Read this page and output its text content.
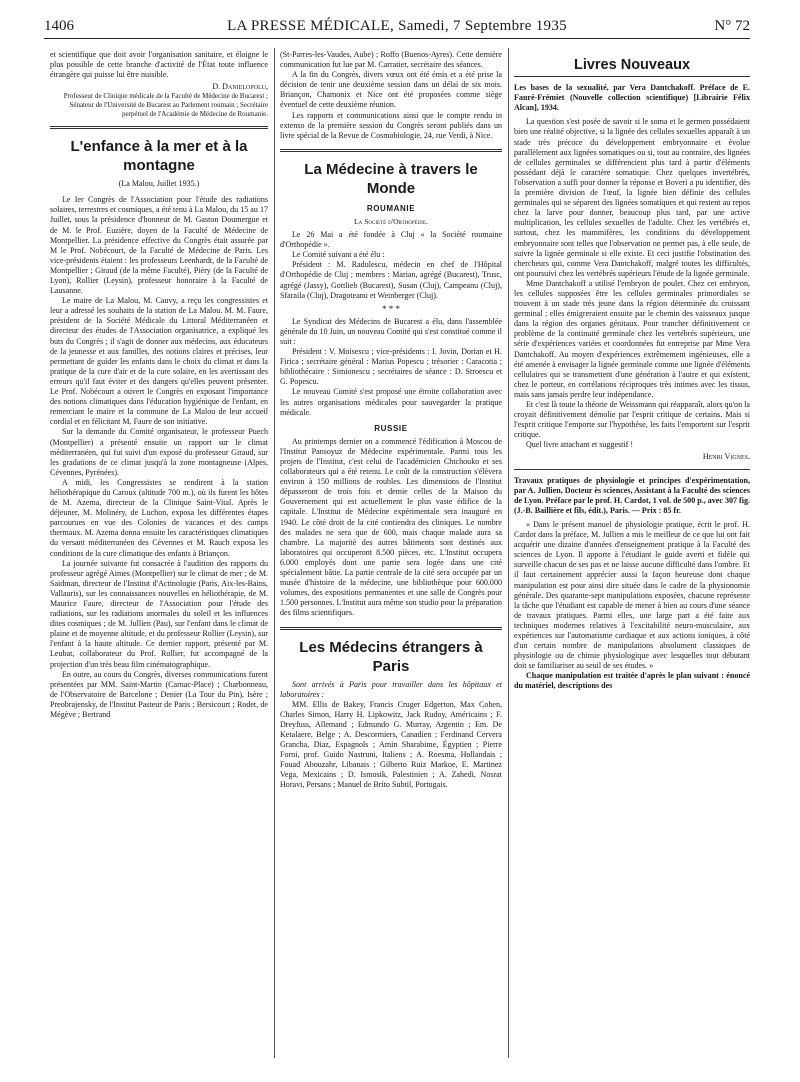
1406	LA PRESSE MÉDICALE, Samedi, 7 Septembre 1935	N° 72

et scientifique que doit avoir l'organisation sanitaire, et éloigne le plus possible de cette branche d'activité de l'État toute influence étrangère qui puisse lui être nuisible.

D. Danielopolu,
Professeur de Clinique médicale de la Faculté de Médecine de Bucarest ; Sénateur de l'Université de Bucarest au Parlement roumain ; Secrétaire perpétuel de l'Académie de Médecine de Roumanie.
L'enfance à la mer et à la montagne

(La Malou, Juillet 1935.)

Le Ier Congrès de l'Association pour l'étude des radiations solaires, terrestres et cosmiques, a été tenu à La Malou, du 15 au 17 Juillet, sous la présidence d'honneur de M. Gaston Doumergue et de M. le Prof. Euzière, doyen de la Faculté de Médecine de Montpellier. La présidence effective du Congrès était assurée par M le Prof. Nobécourt, de la Faculté de Médecine de Paris. Les vice-présidents étaient : les professeurs Leenhardt, de la Faculté de Montpellier ; Giraud (de la même Faculté), Piéry (de la Faculté de Lyon), Rollier (Leysin), professeur honoraire à la Faculté de Lausanne.

Le maire de La Malou, M. Cauvy, a reçu les congressistes et leur a adressé les souhaits de la station de La Malou. M. M. Faure, président de la Société Médicale du Littoral Méditerranéen et directeur des études de l'Association organisatrice, a expliqué les buts du Congrès ; il s'agit de donner aux médecins, aux éducateurs de la jeunesse et aux familles, des notions claires et précises, leur permettant de guider les enfants dans le choix du climat et dans la pratique de la cure d'air et de la cure solaire, en les avertissant des erreurs qu'il faut éviter et des dangers qu'elles peuvent présenter. Le Prof. Nobécourt a ouvert le Congrès en exposant l'importance des notions climatiques dans l'éducation hygiénique de l'enfant, en remerciant le maire et la commune de La Malou de leur accueil cordial et en félicitant M. Faure de son initiative.

Sur la demande du Comité organisateur, le professeur Puech (Montpellier) a présenté ensuite un rapport sur le climat méditerranéen, qui fut suivi d'un exposé du professeur Giraud, sur les gradations de ce climat jusqu'à la zone montagneuse (Alpes, Cévennes, Pyrénées).

A midi, les Congressistes se rendirent à la station héliothérapique du Caroux (altitude 700 m.), où ils furent les hôtes de M. Azema, directeur de la Clinique Saint-Vital. Après le déjeuner, M. Molinéry, de Luchon, exposa les différentes étapes parcourues en vue des Colonies de vacances et des camps thermaux. M. Azema donna ensuite les caractéristiques climatiques du versant méditerranéen des Cévennes et M. Rauch exposa les conditions de la cure climatique des enfants à Briançon.

La journée suivante fut consacrée à l'audition des rapports du professeur agrégé Aimes (Montpellier) sur le climat de mer ; de M. Saidman, directeur de l'Institut d'Actinologie (Paris, Aix-les-Bains, Vallauris), sur les connaissances nouvelles en héliothérapie, de M. Maurice Faure, directeur de l'Association pour l'étude des radiations, sur les radiations anormales du soleil et les influences dites cosmiques ; de M. Jullien (Pau), sur l'enfant dans le climat de plaine et de moyenne altitude, et du professeur Rollier (Leysin), sur l'enfant à la haute altitude. Ce dernier rapport, présenté par M. Leubat, collaborateur du Prof. Rollier, fut accompagné de la projection d'un très beau film cinématographique.

En outre, au cours du Congrès, diverses communications furent présentées par MM. Saint-Martin (Carnac-Place) ; Charbonneau, de l'Observatoire de Barcelone ; Denier (La Tour du Pin), Isère ; Preobrajensky, de l'Institut Pasteur de Paris ; Bersicourt ; Rodet, de Mégève ; Bertrand

(St-Parres-les-Vaudes, Aube) ; Roffo (Buenos-Ayres). Cette dernière communication fut lue par M. Carratier, secrétaire des séances.

A la fin du Congrès, divers vœux ont été émis et a été prise la décision de tenir une deuxième session dans un délai de six mois. Briançon, Chamonix et Nice ont été proposées comme siège éventuel de cette deuxième réunion.

Les rapports et communications ainsi que le compte rendu in extenso de la première session du Congrès seront publiés dans un livre spécial de la Revue de Cosmobiologie, 24, rue Verdi, à Nice.

La Médecine à travers le Monde
ROUMANIE
La Société d'Orthopédie.

Le 26 Mai a été fondée à Cluj « la Société roumaine d'Orthopédie ».

Le Comité suivant a été élu :

Président : M. Radulescu, médecin en chef de l'Hôpital d'Orthopédie de Cluj ; membres : Marian, agrégé (Bucarest), Trusc, agrégé (Jassy), Gottlieb (Bucarest), Susan (Cluj), Campeanu (Cluj), Sfaraila (Cluj), Dragoteanu et Weinberger (Cluj).

* * *

Le Syndicat des Médecins de Bucarest a élu, dans l'assemblée générale du 10 Juin, un nouveau Comité qui s'est constitué comme il suit :

Président : V. Moisescu ; vice-présidents : I. Jovin, Dorian et H. Firica ; secrétaire général : Marius Popescu ; trésorier : Caracotta ; bibliothécaire : Simionescu ; secrétaires de séance : D. Stroescu et G. Popescu.

Le nouveau Comité s'est proposé une étroite collaboration avec les autres organisations médicales pour sauvegarder la pratique médicale.

RUSSIE

Au printemps dernier on a commencé l'édification à Moscou de l'Institut Pansoyuz de Médecine expérimentale. Parmi tous les projets de l'Institut, c'est celui de l'académicien Chtchouko et ses collaborateurs qui a été retenu. Le coût de la construction s'élèvera environ à 150 millions de roubles. Les dimensions de l'Institut dépasseront de trois fois et demie celles de la Maison du Gouvernement qui est actuellement le plus vaste édifice de la capitale. L'Institut de Médecine expérimentale sera inauguré en 1940. Le côté droit de la cité contiendra des cliniques. Le nombre des malades ne sera que de 600, mais chaque malade aura sa chambre. La majorité des autres bâtiments sont destinés aux laboratoires qui occuperont 8.500 pièces, etc. L'Institut occupera 6.000 employés dont une partie sera logée dans une cité spécialement bâtie. La partie centrale de la cité sera occupée par un musée d'histoire de la médecine, une bibliothèque pour 600.000 volumes, des expositions permanentes et une salle de Congrès pour 1.500 personnes. L'Institut aura même son studio pour la préparation des films scientifiques.

Les Médecins étrangers à Paris

Sont arrivés à Paris pour travailler dans les hôpitaux et laboratoires :

MM. Ellis de Bakey, Francis Cruger Edgerton, Max Cohen, Charles Simon, Harry H. Lipkowitz, Jack Rudoy, Américains ; F. Dreyfuss, Allemand ; Edmundo G. Murray, Argentin ; Em. De Ketalaere, Belge ; A. Descormiers, Canadien ; Ferdinand Cervera Grancha, Diaz, Espagnols ; Amin Sharabime, Égyptien ; Pierre Forni, prof. Guido Nastruni, Italiens ; A. Roesma, Hollandais ; Fouad Abouzahr, Libanais ; Gilberto Ruiz Markoe, E. Martinez Vega, Mexicains ; D. Ismosik, Palestinien ; A. Zahedi, Nosrat Horavi, Persans ; Manuel de Brito Subtil, Portugais.

Livres Nouveaux

Les bases de la sexualité, par Vera Dantchakoff. Préface de E. Fauré-Frémiet (Nouvelle collection scientifique) [Librairie Félix Alcan], 1934.

La question s'est posée de savoir si le soma et le germen possédaient bien une réalité objective, si la lignée des cellules sexuelles apparaît à un stade très précoce du développement embryonnaire et évolue parallèlement aux lignées somatiques ou si, tout au contraire, des lignées de cellules germinales se différencient plus tard à partir d'éléments possédant déjà le caractère somatique. Chez quelques invertébrés, l'observation a suffi pour donner la réponse et Boveri a pu identifier, dès la première division de l'œuf, la lignée bien définie des cellules germinales qui se séparent des lignées somatiques et qui restent au repos chez la larve pour donner, beaucoup plus tard, par une active multiplication, les cellules sexuelles de l'adulte. Chez les vertébrés et, surtout, chez les mammifères, les conditions du développement embryonnaire sont telles que l'observation ne permet pas, à elle seule, de suivre la lignée germinale si elle existe. Et ceci justifie l'obstination des chercheurs qui, comme Vera Dantchakoff, malgré toutes les difficultés, ont poursuivi chez les vertébrés supérieurs l'étude de la lignée germinale.

Mme Dantchakoff a utilisé l'embryon de poulet. Chez cet embryon, les cellules supposées être les cellules germinales primordiales se trouvent à un stade très jeune dans la région déterminée du croissant germinal ; elles émigreraient ensuite par le chemin des vaisseaux jusque dans la région des organes génitaux. Pour trancher définitivement ce problème de la continuité germinale chez les vertébrés supérieurs, une série d'expériences variées et coordonnées fut entreprise par Mme Vera Dantchakoff. Au moyen d'expériences extrêmement ingénieuses, elle a été amenée à envisager la lignée germinale comme une lignée d'éléments cellulaires qui se transmettent d'une génération à l'autre et qui existent, chez le porteur, en corrélations réciproques très intimes avec les tissus, mais sans jamais perdre leur indépendance.

Et c'est là toute la théorie de Weissmann qui réapparaît, alors qu'on la croyait définitivement démolie par l'esprit critique de certains. Mais si l'esprit critique l'emporte sur l'hypothèse, les faits l'emportent sur l'esprit critique.

Quel livre attachant et suggestif !

Henri Vignes.

Travaux pratiques de physiologie et principes d'expérimentation, par A. Jullien, Docteur ès sciences, Assistant à la Faculté des sciences de Lyon. Préface par le prof. H. Cardot, 1 vol. de 500 p., avec 307 fig. (J.-B. Baillière et fils, édit.), Paris. — Prix : 85 fr.

« Dans le présent manuel de physiologie pratique, écrit le prof. H. Cardot dans la préface, M. Jullien a mis le meilleur de ce que lui ont fait acquérir une dizaine d'années d'enseignement pratique à la Faculté des sciences de Lyon. Il apporte à l'étudiant le guide averti et fidèle qui surveille chacun de ses pas et ne laisse aucune difficulté dans l'ombre. Et il faut certainement apprécier aussi la façon heureuse dont chaque manipulation est pour ainsi dire située dans le cadre de la physionomie générale. Des quarante-sept manipulations exposées, chacune représente la tâche que l'étudiant est capable de mener à bien au cours d'une séance de travaux pratiques. Parmi elles, une large part a été faite aux techniques modernes relatives à l'excitabilité neuro-musculaire, aux expériences sur l'automatisme cardiaque et aux actions ioniques, à côté d'un certain nombre de manipulations absolument classiques de physiologie ou de chimie physiologique avec lesquelles tout débutant doit se familiariser au seuil de ses études. »

Chaque manipulation est traitée d'après le plan suivant : énoncé du matériel, descriptions des
